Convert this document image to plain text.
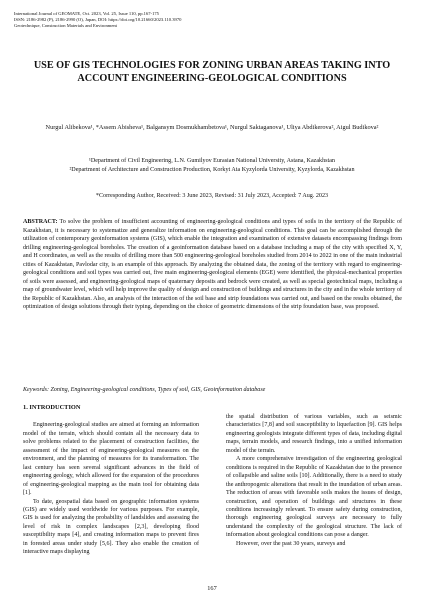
International Journal of GEOMATE, Oct. 2023, Vol. 25, Issue 110, pp.167-175
ISSN: 2186-2982 (P), 2186-2990 (O), Japan, DOI: https://doi.org/10.21660/2023.110.3970
Geotechnique, Construction Materials and Environment
USE OF GIS TECHNOLOGIES FOR ZONING URBAN AREAS TAKING INTO ACCOUNT ENGINEERING-GEOLOGICAL CONDITIONS
Nurgul Alibekova¹, *Assem Abisheva¹, Balgansym Dosmukhambetova¹, Nurgul Saktaganova¹, Uliya Abdikerova², Aigul Budikova²
¹Department of Civil Engineering, L.N. Gumilyov Eurasian National University, Astana, Kazakhstan
²Department of Architecture and Construction Production, Korkyt Ata Kyzylorda University, Kyzylorda, Kazakhstan
*Corresponding Author, Received: 3 June 2023, Revised: 31 July 2023, Accepted: 7 Aug. 2023
ABSTRACT: To solve the problem of insufficient accounting of engineering-geological conditions and types of soils in the territory of the Republic of Kazakhstan, it is necessary to systematize and generalize information on engineering-geological conditions. This goal can be accomplished through the utilization of contemporary geoinformation systems (GIS), which enable the integration and examination of extensive datasets encompassing findings from drilling engineering-geological boreholes. The creation of a geoinformation database based on a database including a map of the city with specified X, Y, and H coordinates, as well as the results of drilling more than 500 engineering-geological boreholes studied from 2014 to 2022 in one of the main industrial cities of Kazakhstan, Pavlodar city, is an example of this approach. By analyzing the obtained data, the zoning of the territory with regard to engineering-geological conditions and soil types was carried out, five main engineering-geological elements (EGE) were identified, the physical-mechanical properties of soils were assessed, and engineering-geological maps of quaternary deposits and bedrock were created, as well as special geotechnical maps, including a map of groundwater level, which will help improve the quality of design and construction of buildings and structures in the city and in the whole territory of the Republic of Kazakhstan. Also, an analysis of the interaction of the soil base and strip foundations was carried out, and based on the results obtained, the optimization of design solutions through their typing, depending on the choice of geometric dimensions of the strip foundation base, was proposed.
Keywords: Zoning, Engineering-geological conditions, Types of soil, GIS, Geoinformation database
1. INTRODUCTION

Engineering-geological studies are aimed at forming an information model of the terrain, which should contain all the necessary data to solve problems related to the placement of construction facilities, the assessment of the impact of engineering-geological measures on the environment, and the planning of measures for its transformation. The last century has seen several significant advances in the field of engineering geology, which allowed for the expansion of the procedures of engineering-geological mapping as the main tool for obtaining data [1].

To date, geospatial data based on geographic information systems (GIS) are widely used worldwide for various purposes. For example, GIS is used for analyzing the probability of landslides and assessing the level of risk in complex landscapes [2,3], developing flood susceptibility maps [4], and creating information maps to prevent fires in forested areas under study [5,6]. They also enable the creation of interactive maps displaying

the spatial distribution of various variables, such as seismic characteristics [7,8] and soil susceptibility to liquefaction [9]. GIS helps engineering geologists integrate different types of data, including digital maps, terrain models, and research findings, into a unified information model of the terrain.

A more comprehensive investigation of the engineering geological conditions is required in the Republic of Kazakhstan due to the presence of collapsible and saline soils [10]. Additionally, there is a need to study the anthropogenic alterations that result in the inundation of urban areas. The reduction of areas with favorable soils makes the issues of design, construction, and operation of buildings and structures in these conditions increasingly relevant. To ensure safety during construction, thorough engineering geological surveys are necessary to fully understand the complexity of the geological structure. The lack of information about geological conditions can pose a danger.

However, over the past 30 years, surveys and

167
